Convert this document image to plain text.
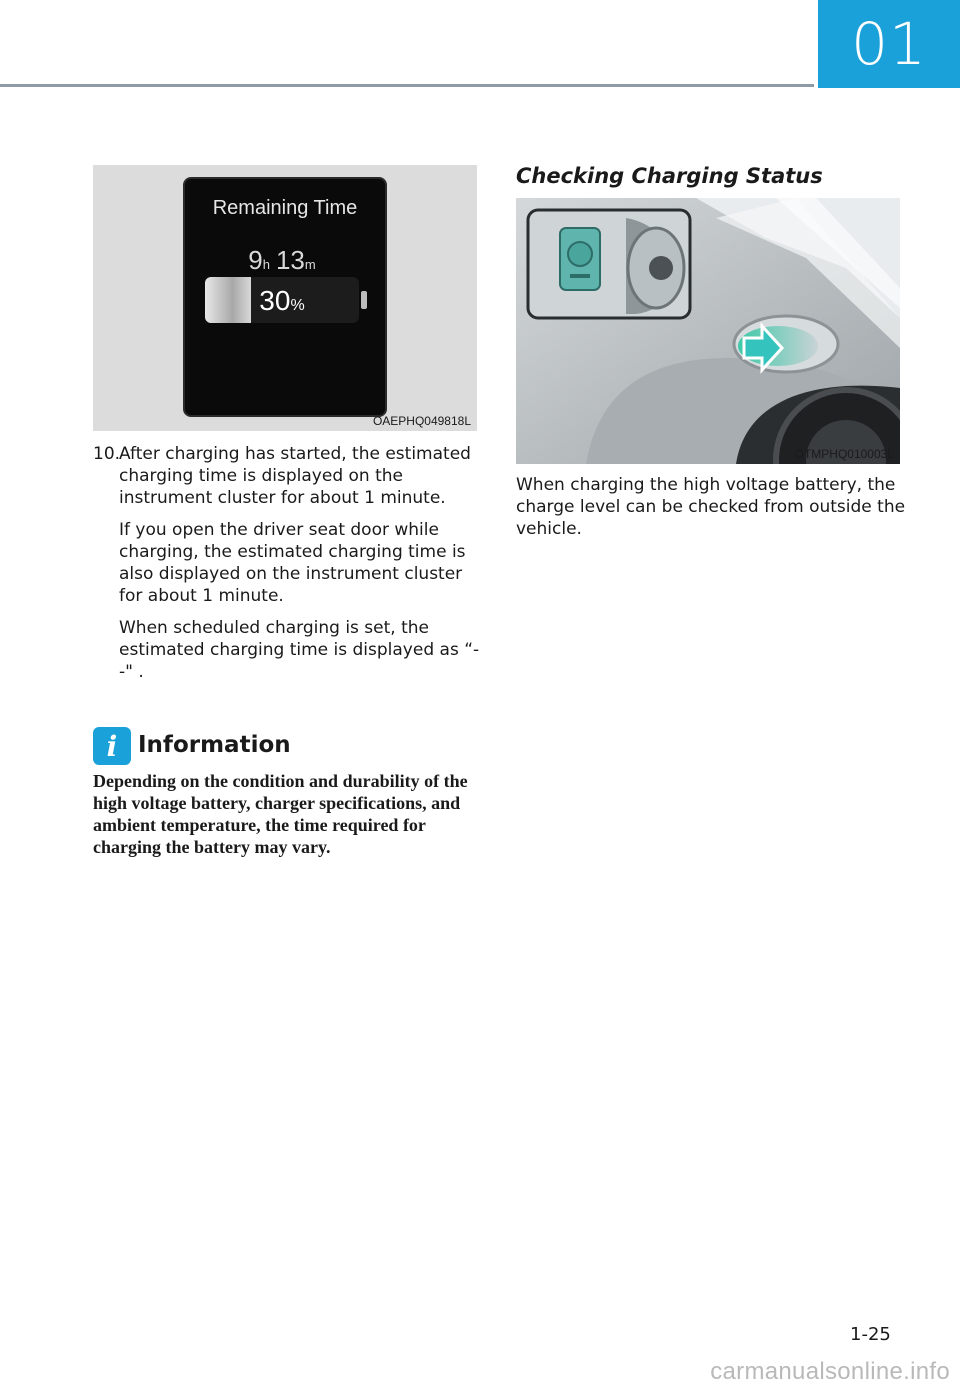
01
Remaining Time
9h 13m
30%
OAEPHQ049818L
10.

After charging has started, the estimated charging time is displayed on the instrument cluster for about 1 minute.

If you open the driver seat door while charging, the estimated charging time is also displayed on the instrument cluster for about 1 minute.

When scheduled charging is set, the estimated charging time is displayed as “--" .

i Information
Depending on the condition and durability of the high voltage battery, charger specifications, and ambient temperature, the time required for charging the battery may vary.
Checking Charging Status
OTMPHQ010003L

When charging the high voltage battery, the charge level can be checked from outside the vehicle.

1-25
carmanualsonline.info
